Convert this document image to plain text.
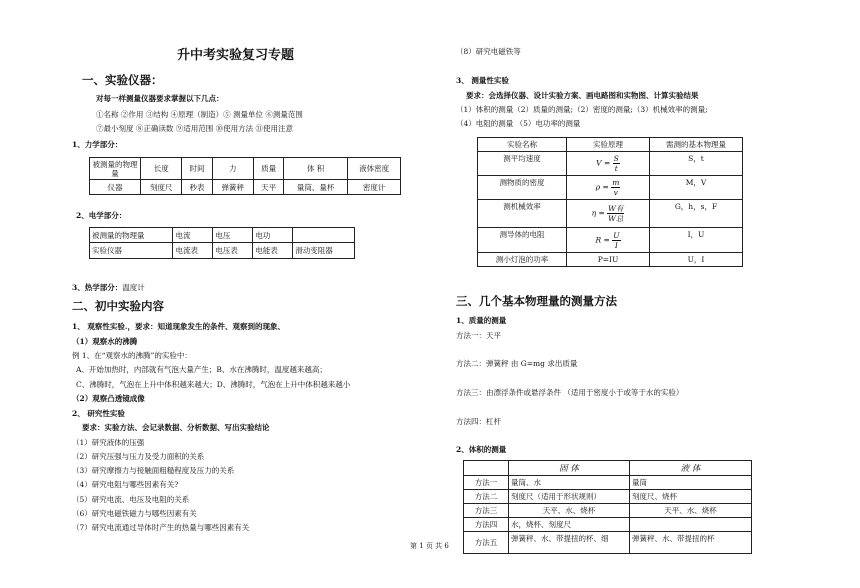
升中考实验复习专题
一、实验仪器：
对每一样测量仪器要求掌握以下几点：
①名称 ②作用 ③结构 ④原理（制造）⑤ 测量单位 ⑥测量范围
⑦最小刻度 ⑧正确读数 ⑨适用范围 ⑩使用方法 ⑪使用注意
1、力学部分：
被测量的物理量	长度	时间	力	质量	体 积	液体密度
仪器	刻度尺	秒表	弹簧秤	天平	量筒、量杯	密度计
2、电学部分：
被测量的物理量	电流	电压	电功	
实验仪器	电流表	电压表	电能表	滑动变阻器
3、热学部分：温度计
二、初中实验内容
1、 观察性实验.，要求：知道现象发生的条件、观察到的现象、
（1）观察水的沸腾
例 1、在“观察水的沸腾”的实验中：
A、开始加热时，内部就有气泡大量产生；B、水在沸腾时，温度越来越高；
C、沸腾时，气泡在上升中体积越来越大；D、沸腾时，气泡在上升中体积越来越小
（2）观察凸透镜成像
2、 研究性实验
要求：实验方法、会记录数据、分析数据、写出实验结论
（1）研究液体的压强
（2）研究压强与压力及受力面积的关系
（3）研究摩擦力与接触面粗糙程度及压力的关系
（4）研究电阻与哪些因素有关?
（5）研究电流、电压及电阻的关系
（6）研究电磁铁磁力与哪些因素有关
（7）研究电流通过导体时产生的热量与哪些因素有关
（8）研究电磁铁等
3、 测量性实验
要求：会选择仪器、设计实验方案、画电路图和实物图、计算实验结果
（1）体积的测量（2）质量的测量;（2）密度的测量;（3）机械效率的测量;
（4）电阻的测量 （5）电功率的测量
实验名称	实验原理	需测的基本物理量
测平均速度	$V = \frac{S}{t}$	S，t
测物质的密度	$\rho = \frac{m}{v}$	M，V
测机械效率	$\eta = \frac{\text{W有}}{\text{W总}}$	G，h，s，F
测导体的电阻	$R = \frac{U}{I}$	I，U
测小灯泡的功率	P=IU	U，I
三、几个基本物理量的测量方法
1、质量的测量
方法一：天平
方法二：弹簧秤 由 G=mg 求出质量
方法三：由漂浮条件或悬浮条件 （适用于密度小于或等于水的实验）
方法四：杠杆
2、体积的测量
	固 体	液 体
方法一	量筒、水	量筒
方法二	刻度尺（适用于形状规则）	刻度尺、烧杯
方法三	天平、水、烧杯	天平、水、烧杯
方法四	水，烧杯、刻度尺	
方法五	弹簧秤、水、带提扭的杯、细	弹簧秤、水、带提扭的杯
第 1 页 共 6
